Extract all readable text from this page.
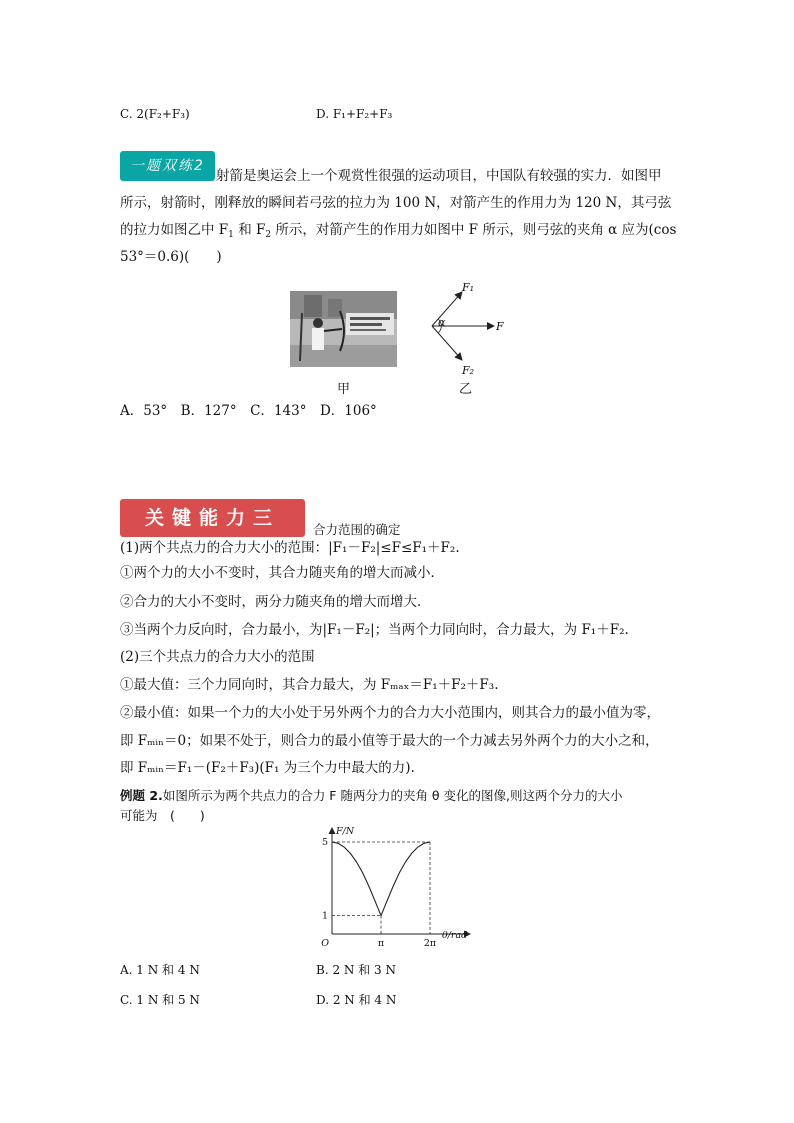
C. 2(F₂+F₃)	D. F₁+F₂+F₃
一题双练2
射箭是奥运会上一个观赏性很强的运动项目，中国队有较强的实力．如图甲
所示，射箭时，刚释放的瞬间若弓弦的拉力为 100 N，对箭产生的作用力为 120 N，其弓弦
的拉力如图乙中 $F_1$ 和 $F_2$ 所示，对箭产生的作用力如图中 F 所示，则弓弦的夹角 α 应为(cos
53°＝0.6)(　　)
甲
F₁
F₂
F
α
乙
A．53°　B．127°　C．143°　D．106°
关键能力三
合力范围的确定
(1)两个共点力的合力大小的范围：|F₁－F₂|≤F≤F₁＋F₂.
①两个力的大小不变时，其合力随夹角的增大而减小．
②合力的大小不变时，两分力随夹角的增大而增大．
③当两个力反向时，合力最小，为|F₁－F₂|；当两个力同向时，合力最大，为 F₁＋F₂.
(2)三个共点力的合力大小的范围
①最大值：三个力同向时，其合力最大，为 Fₘₐₓ＝F₁＋F₂＋F₃.
②最小值：如果一个力的大小处于另外两个力的合力大小范围内，则其合力的最小值为零，
即 Fₘᵢₙ＝0；如果不处于，则合力的最小值等于最大的一个力减去另外两个力的大小之和，
即 Fₘᵢₙ＝F₁－(F₂＋F₃)(F₁ 为三个力中最大的力).
例题 2.如图所示为两个共点力的合力 F 随两分力的夹角 θ 变化的图像,则这两个分力的大小
可能为　(　　)
O	π	2π
1
5
F/N
θ/rad
A. 1 N 和 4 N	B. 2 N 和 3 N
C. 1 N 和 5 N	D. 2 N 和 4 N
